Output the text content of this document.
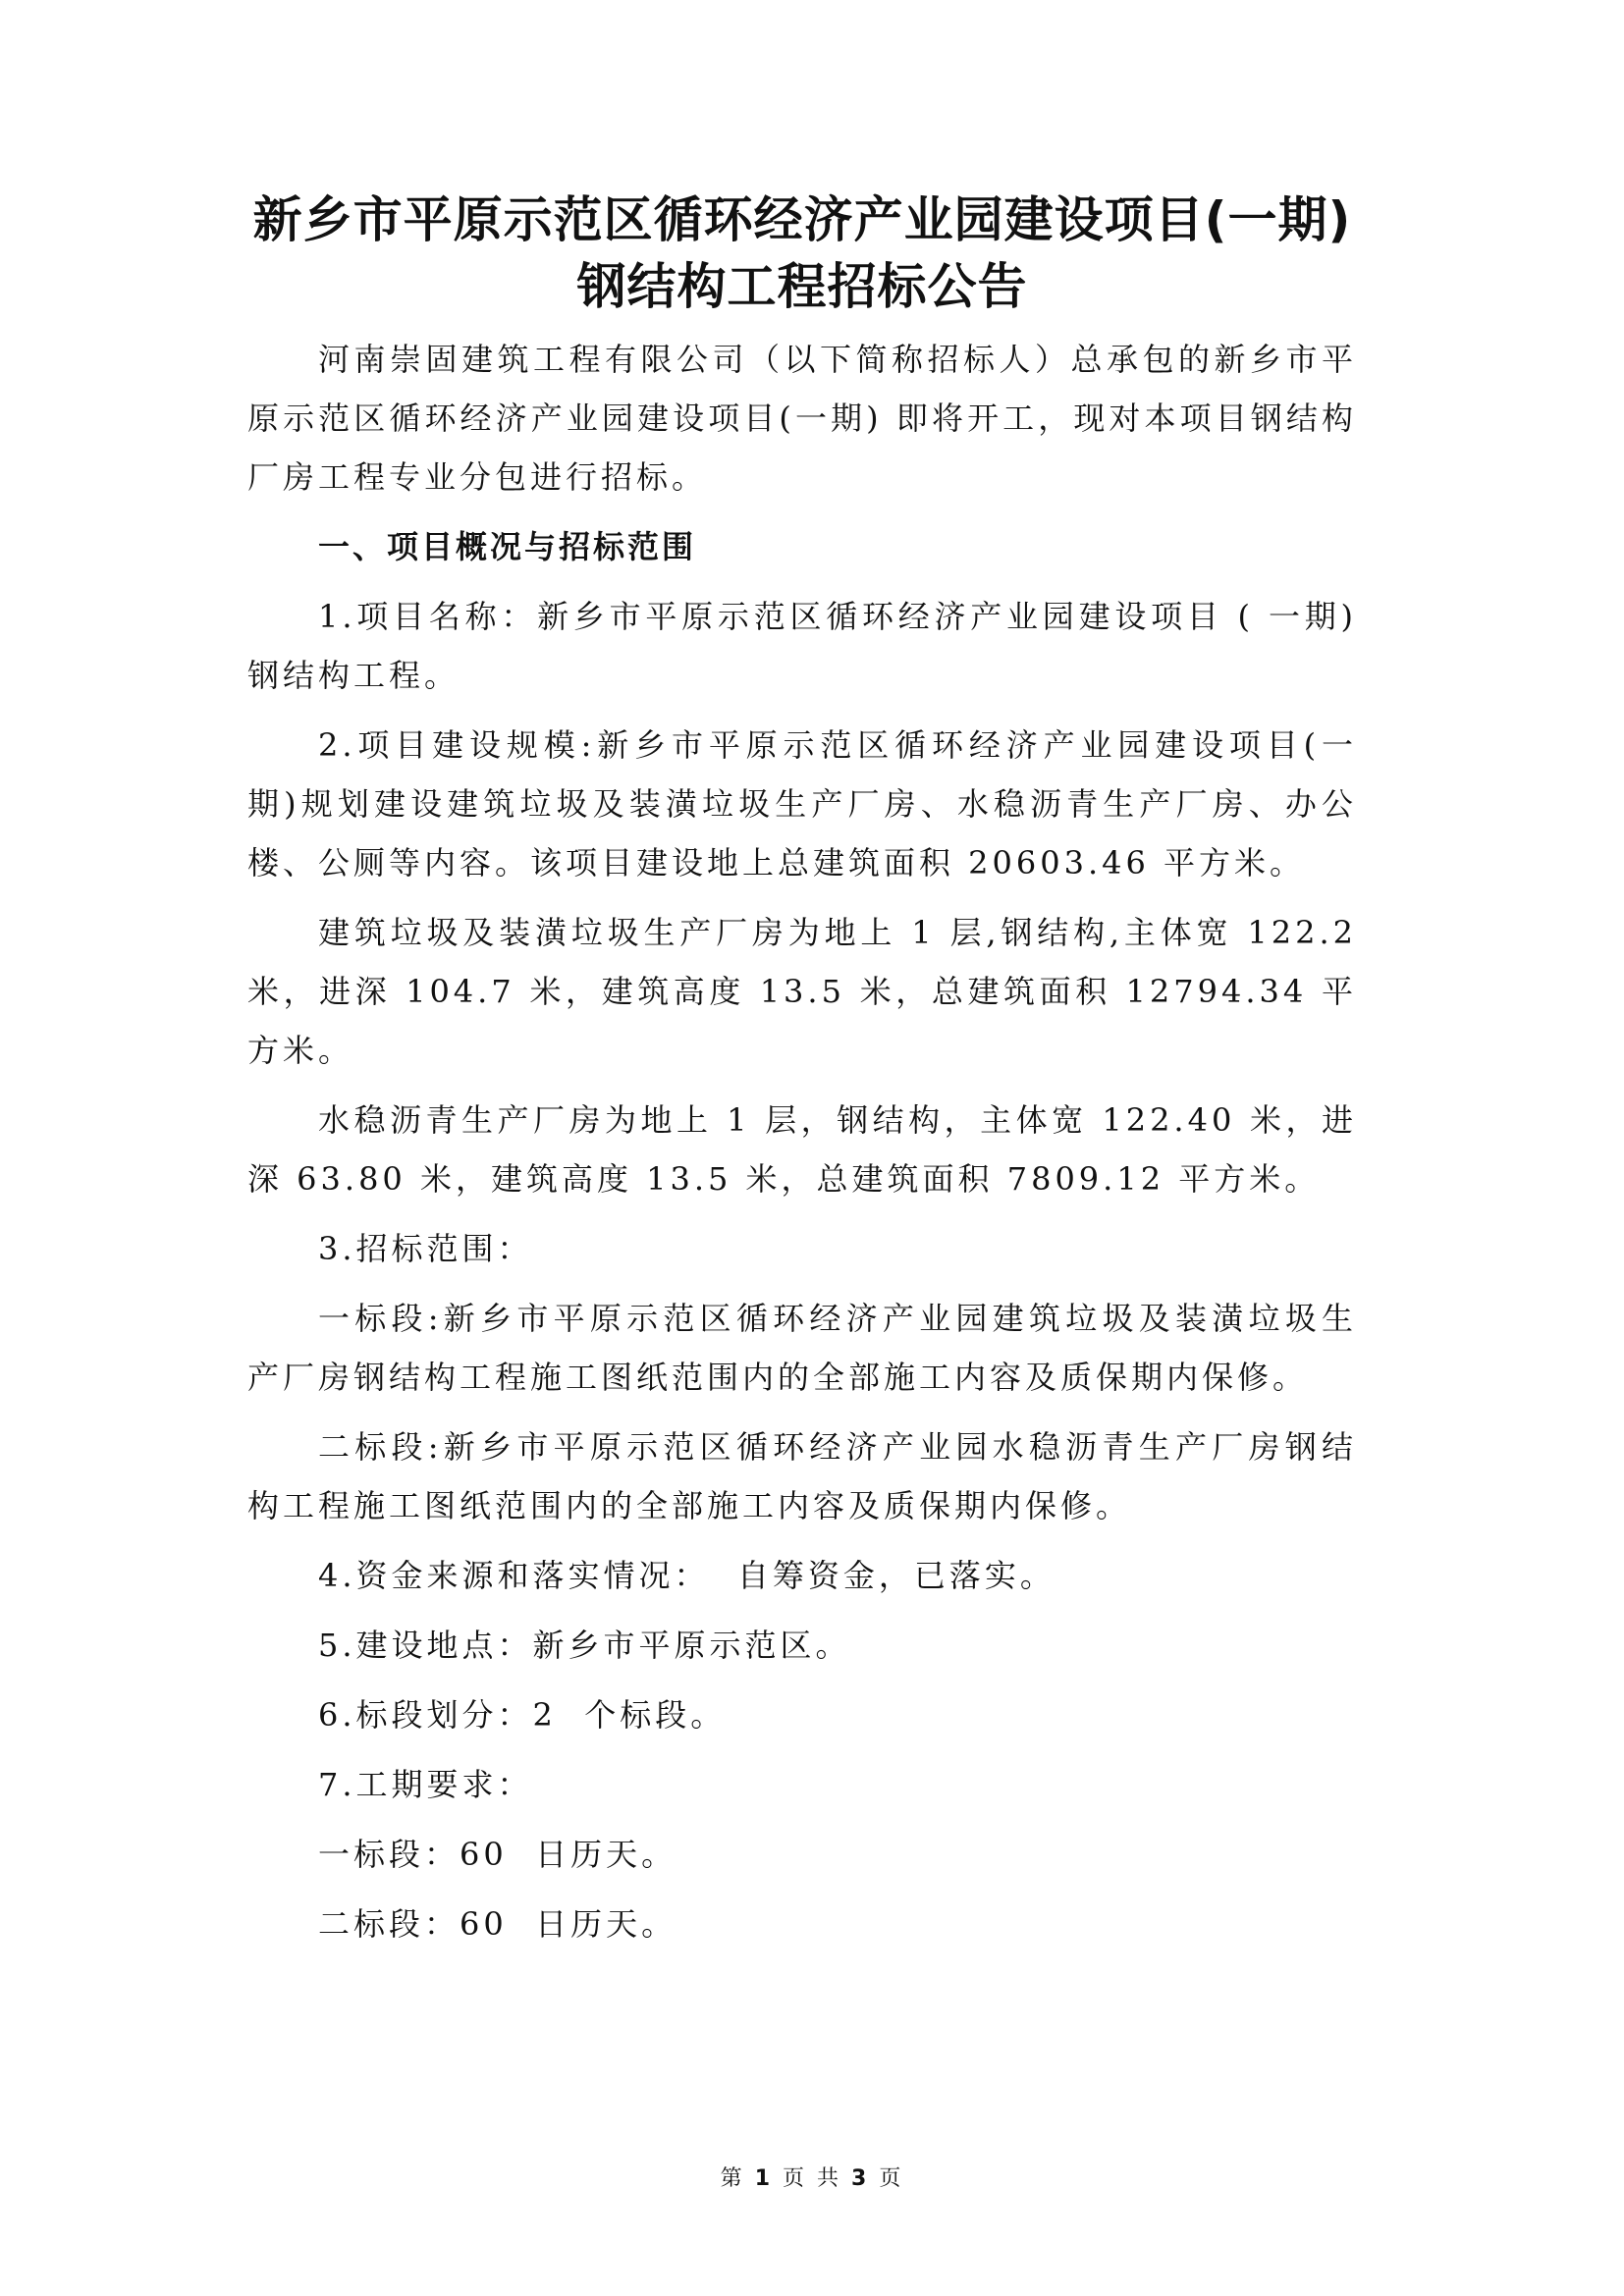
新乡市平原示范区循环经济产业园建设项目(一期)
钢结构工程招标公告

河南崇固建筑工程有限公司（以下简称招标人）总承包的新乡市平原示范区循环经济产业园建设项目(一期) 即将开工，现对本项目钢结构厂房工程专业分包进行招标。

一、项目概况与招标范围

1.项目名称：新乡市平原示范区循环经济产业园建设项目 ( 一期)钢结构工程。

2.项目建设规模:新乡市平原示范区循环经济产业园建设项目(一期)规划建设建筑垃圾及装潢垃圾生产厂房、水稳沥青生产厂房、办公楼、公厕等内容。该项目建设地上总建筑面积 20603.46 平方米。

建筑垃圾及装潢垃圾生产厂房为地上 1 层,钢结构,主体宽 122.2 米，进深 104.7 米，建筑高度 13.5 米，总建筑面积 12794.34 平方米。

水稳沥青生产厂房为地上 1 层，钢结构，主体宽 122.40 米，进深 63.80 米，建筑高度 13.5 米，总建筑面积 7809.12 平方米。

3.招标范围：

一标段:新乡市平原示范区循环经济产业园建筑垃圾及装潢垃圾生产厂房钢结构工程施工图纸范围内的全部施工内容及质保期内保修。

二标段:新乡市平原示范区循环经济产业园水稳沥青生产厂房钢结构工程施工图纸范围内的全部施工内容及质保期内保修。

4.资金来源和落实情况：  自筹资金，已落实。

5.建设地点：新乡市平原示范区。

6.标段划分：2  个标段。

7.工期要求：

一标段：60  日历天。

二标段：60  日历天。

第 1 页 共 3 页
